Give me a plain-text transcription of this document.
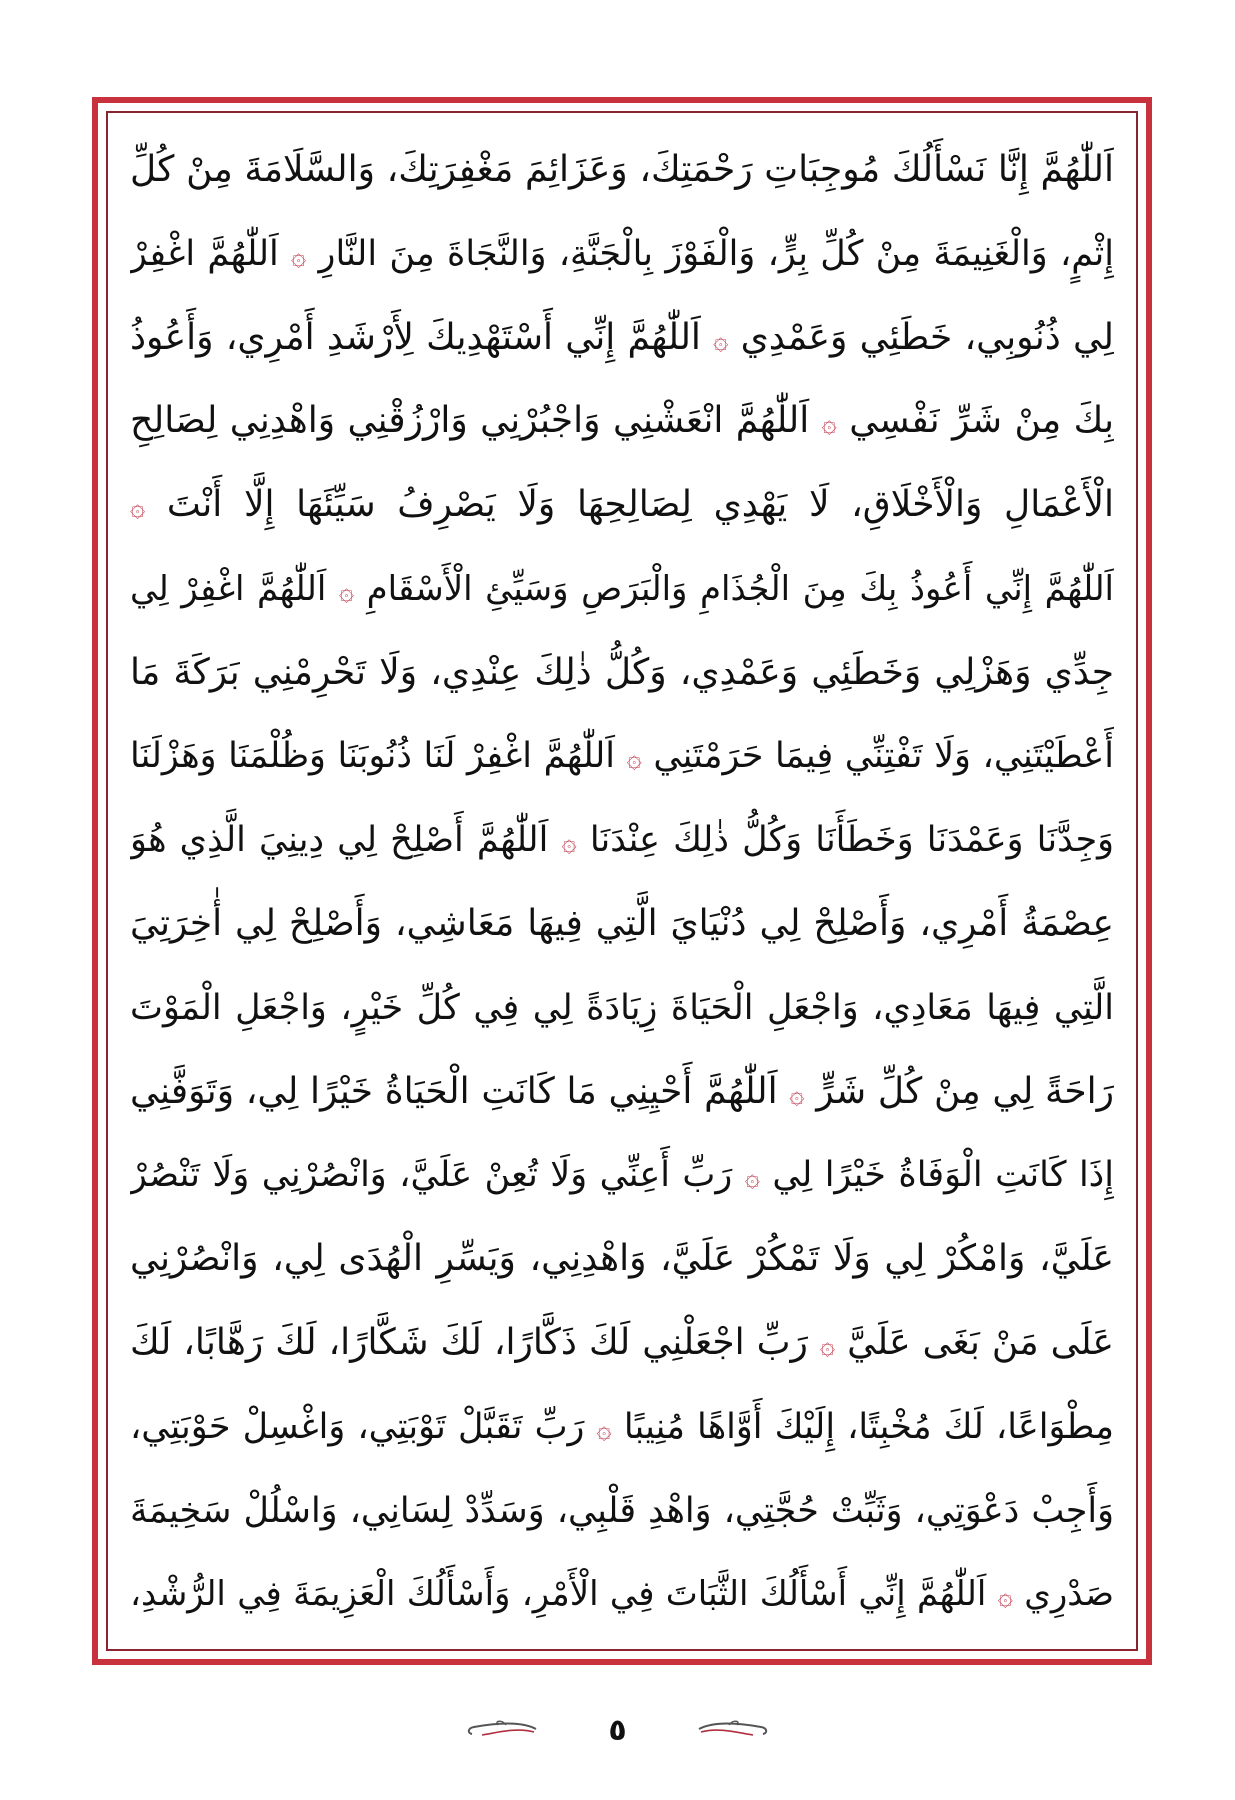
اَللّٰهُمَّ إِنَّا نَسْأَلُكَ مُوجِبَاتِ رَحْمَتِكَ، وَعَزَائِمَ مَغْفِرَتِكَ، وَالسَّلَامَةَ مِنْ كُلِّ
إِثْمٍ، وَالْغَنِيمَةَ مِنْ كُلِّ بِرٍّ، وَالْفَوْزَ بِالْجَنَّةِ، وَالنَّجَاةَ مِنَ النَّارِ ۞ اَللّٰهُمَّ اغْفِرْ
لِي ذُنُوبِي، خَطَئِي وَعَمْدِي ۞ اَللّٰهُمَّ إِنِّي أَسْتَهْدِيكَ لِأَرْشَدِ أَمْرِي، وَأَعُوذُ
بِكَ مِنْ شَرِّ نَفْسِي ۞ اَللّٰهُمَّ انْعَشْنِي وَاجْبُرْنِي وَارْزُقْنِي وَاهْدِنِي لِصَالِحِ
الْأَعْمَالِ وَالْأَخْلَاقِ، لَا يَهْدِي لِصَالِحِهَا وَلَا يَصْرِفُ سَيِّئَهَا إِلَّا أَنْتَ ۞
اَللّٰهُمَّ إِنِّي أَعُوذُ بِكَ مِنَ الْجُذَامِ وَالْبَرَصِ وَسَيِّئِ الْأَسْقَامِ ۞ اَللّٰهُمَّ اغْفِرْ لِي
جِدِّي وَهَزْلِي وَخَطَئِي وَعَمْدِي، وَكُلُّ ذٰلِكَ عِنْدِي، وَلَا تَحْرِمْنِي بَرَكَةَ مَا
أَعْطَيْتَنِي، وَلَا تَفْتِنِّي فِيمَا حَرَمْتَنِي ۞ اَللّٰهُمَّ اغْفِرْ لَنَا ذُنُوبَنَا وَظُلْمَنَا وَهَزْلَنَا
وَجِدَّنَا وَعَمْدَنَا وَخَطَأَنَا وَكُلُّ ذٰلِكَ عِنْدَنَا ۞ اَللّٰهُمَّ أَصْلِحْ لِي دِينِيَ الَّذِي هُوَ
عِصْمَةُ أَمْرِي، وَأَصْلِحْ لِي دُنْيَايَ الَّتِي فِيهَا مَعَاشِي، وَأَصْلِحْ لِي أٰخِرَتِيَ
الَّتِي فِيهَا مَعَادِي، وَاجْعَلِ الْحَيَاةَ زِيَادَةً لِي فِي كُلِّ خَيْرٍ، وَاجْعَلِ الْمَوْتَ
رَاحَةً لِي مِنْ كُلِّ شَرٍّ ۞ اَللّٰهُمَّ أَحْيِنِي مَا كَانَتِ الْحَيَاةُ خَيْرًا لِي، وَتَوَفَّنِي
إِذَا كَانَتِ الْوَفَاةُ خَيْرًا لِي ۞ رَبِّ أَعِنِّي وَلَا تُعِنْ عَلَيَّ، وَانْصُرْنِي وَلَا تَنْصُرْ
عَلَيَّ، وَامْكُرْ لِي وَلَا تَمْكُرْ عَلَيَّ، وَاهْدِنِي، وَيَسِّرِ الْهُدَى لِي، وَانْصُرْنِي
عَلَى مَنْ بَغَى عَلَيَّ ۞ رَبِّ اجْعَلْنِي لَكَ ذَكَّارًا، لَكَ شَكَّارًا، لَكَ رَهَّابًا، لَكَ
مِطْوَاعًا، لَكَ مُخْبِتًا، إِلَيْكَ أَوَّاهًا مُنِيبًا ۞ رَبِّ تَقَبَّلْ تَوْبَتِي، وَاغْسِلْ حَوْبَتِي،
وَأَجِبْ دَعْوَتِي، وَثَبِّتْ حُجَّتِي، وَاهْدِ قَلْبِي، وَسَدِّدْ لِسَانِي، وَاسْلُلْ سَخِيمَةَ
صَدْرِي ۞ اَللّٰهُمَّ إِنِّي أَسْأَلُكَ الثَّبَاتَ فِي الْأَمْرِ، وَأَسْأَلُكَ الْعَزِيمَةَ فِي الرُّشْدِ،
٥
